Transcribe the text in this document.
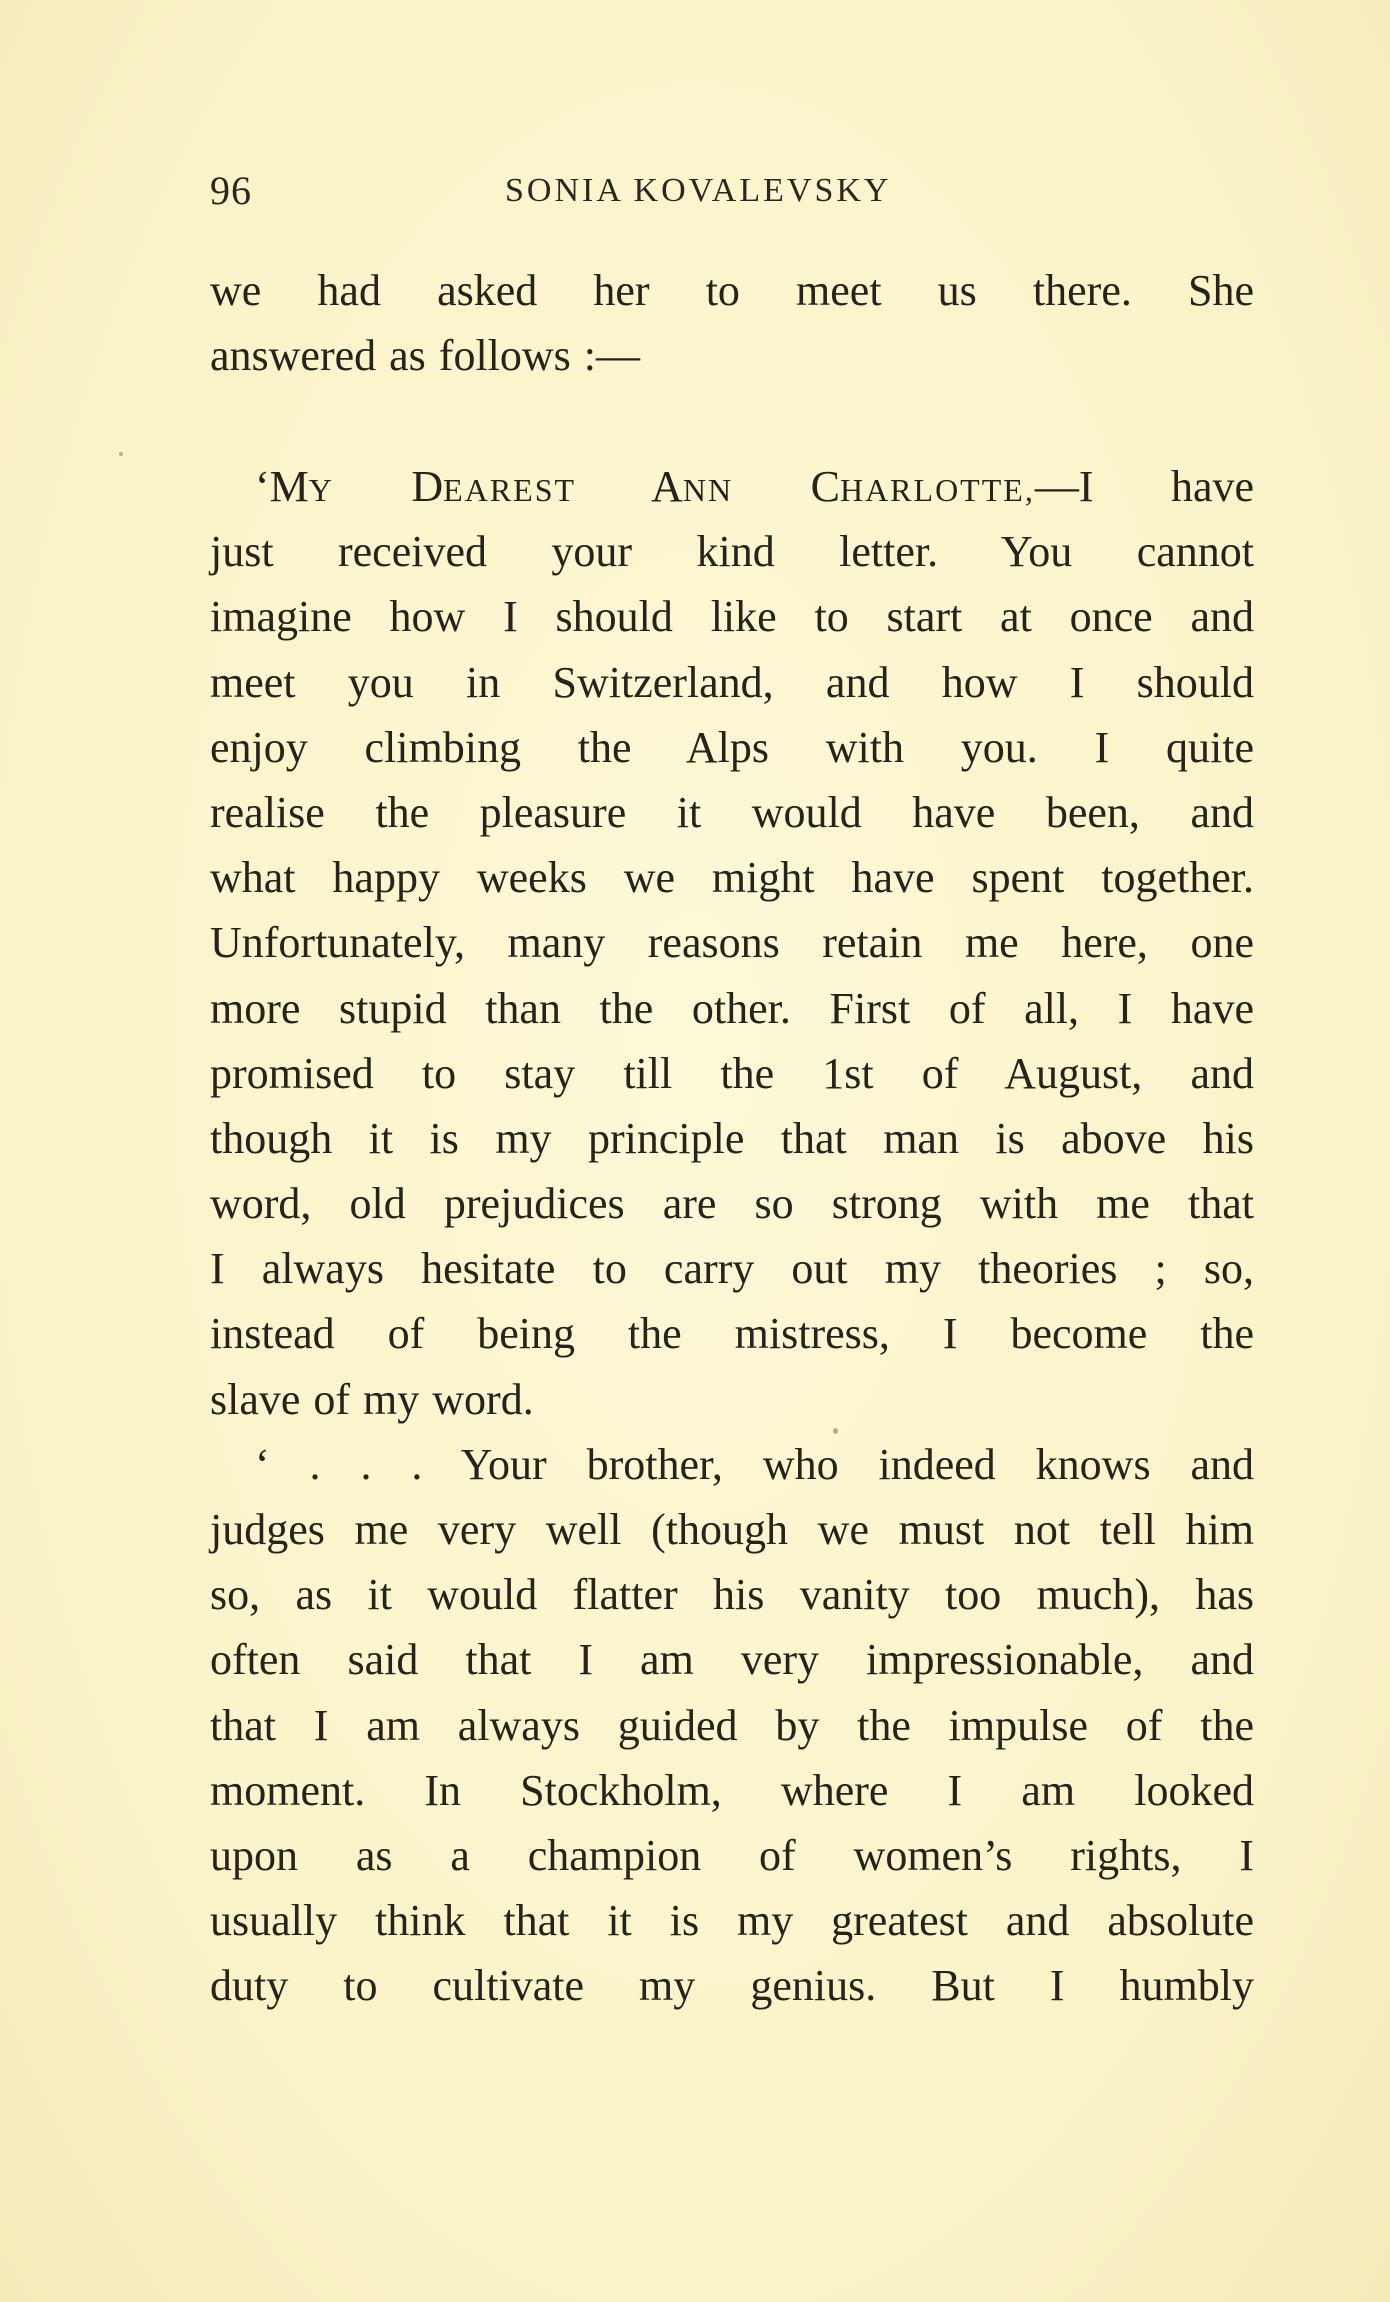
96	SONIA KOVALEVSKY
we had asked her to meet us there. She
answered as follows :—
‘MY DEAREST ANN CHARLOTTE,—I have
just received your kind letter. You cannot
imagine how I should like to start at once and
meet you in Switzerland, and how I should
enjoy climbing the Alps with you. I quite
realise the pleasure it would have been, and
what happy weeks we might have spent together.
Unfortunately, many reasons retain me here, one
more stupid than the other. First of all, I have
promised to stay till the 1st of August, and
though it is my principle that man is above his
word, old prejudices are so strong with me that
I always hesitate to carry out my theories ; so,
instead of being the mistress, I become the
slave of my word.
‘ . . . Your brother, who indeed knows and
judges me very well (though we must not tell him
so, as it would flatter his vanity too much), has
often said that I am very impressionable, and
that I am always guided by the impulse of the
moment. In Stockholm, where I am looked
upon as a champion of women’s rights, I
usually think that it is my greatest and absolute
duty to cultivate my genius. But I humbly
